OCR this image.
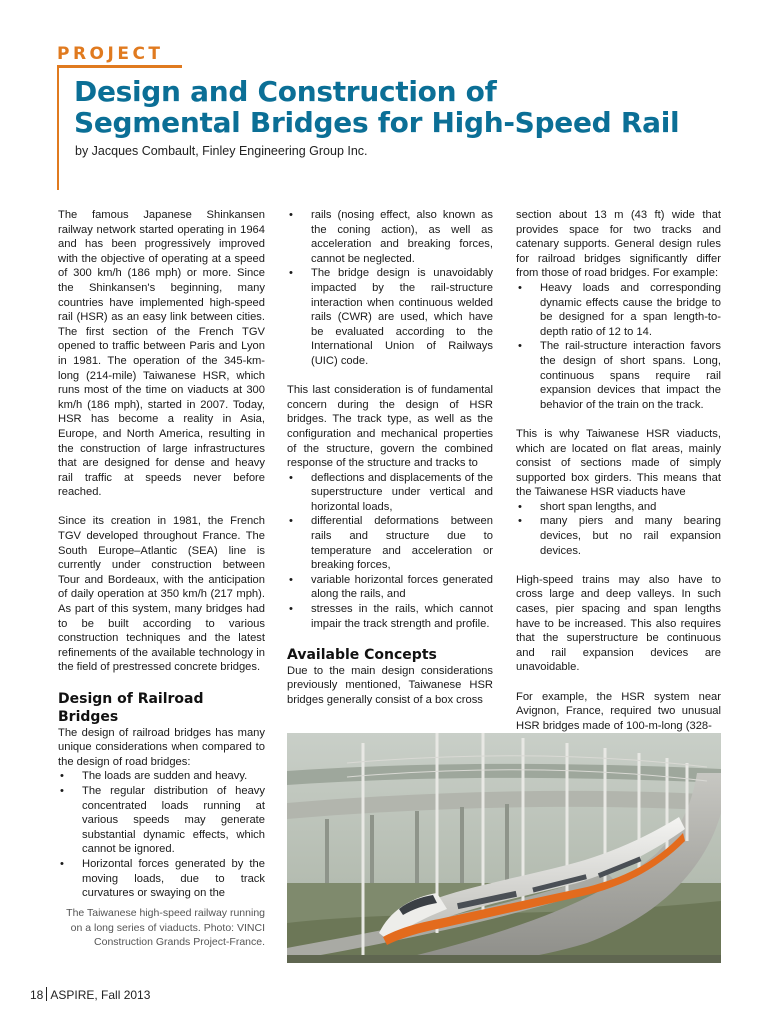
PROJECT
Design and Construction of
Segmental Bridges for High-Speed Rail
by Jacques Combault, Finley Engineering Group Inc.

The famous Japanese Shinkansen railway network started operating in 1964 and has been progressively improved with the objective of operating at a speed of 300 km/h (186 mph) or more. Since the Shinkansen's beginning, many countries have implemented high-speed rail (HSR) as an easy link between cities. The first section of the French TGV opened to traffic between Paris and Lyon in 1981. The operation of the 345-km-long (214-mile) Taiwanese HSR, which runs most of the time on viaducts at 300 km/h (186 mph), started in 2007. Today, HSR has become a reality in Asia, Europe, and North America, resulting in the construction of large infrastructures that are designed for dense and heavy rail traffic at speeds never before reached.

Since its creation in 1981, the French TGV developed throughout France. The South Europe–Atlantic (SEA) line is currently under construction between Tour and Bordeaux, with the anticipation of daily operation at 350 km/h (217 mph). As part of this system, many bridges had to be built according to various construction techniques and the latest refinements of the available technology in the field of prestressed concrete bridges.

Design of Railroad Bridges

The design of railroad bridges has many unique considerations when compared to the design of road bridges:

• The loads are sudden and heavy.
• The regular distribution of heavy concentrated loads running at various speeds may generate substantial dynamic effects, which cannot be ignored.
• Horizontal forces generated by the moving loads, due to track curvatures or swaying on the
The Taiwanese high-speed railway running on a long series of viaducts. Photo: VINCI Construction Grands Project-France.
• rails (nosing effect, also known as the coning action), as well as acceleration and breaking forces, cannot be neglected.
• The bridge design is unavoidably impacted by the rail-structure interaction when continuous welded rails (CWR) are used, which have be evaluated according to the International Union of Railways (UIC) code.

This last consideration is of fundamental concern during the design of HSR bridges. The track type, as well as the configuration and mechanical properties of the structure, govern the combined response of the structure and tracks to

• deflections and displacements of the superstructure under vertical and horizontal loads,
• differential deformations between rails and structure due to temperature and acceleration or breaking forces,
• variable horizontal forces generated along the rails, and
• stresses in the rails, which cannot impair the track strength and profile.
Available Concepts

Due to the main design considerations previously mentioned, Taiwanese HSR bridges generally consist of a box cross

section about 13 m (43 ft) wide that provides space for two tracks and catenary supports. General design rules for railroad bridges significantly differ from those of road bridges. For example:

• Heavy loads and corresponding dynamic effects cause the bridge to be designed for a span length-to-depth ratio of 12 to 14.
• The rail-structure interaction favors the design of short spans. Long, continuous spans require rail expansion devices that impact the behavior of the train on the track.

This is why Taiwanese HSR viaducts, which are located on flat areas, mainly consist of sections made of simply supported box girders. This means that the Taiwanese HSR viaducts have

• short span lengths, and
• many piers and many bearing devices, but no rail expansion devices.

High-speed trains may also have to cross large and deep valleys. In such cases, pier spacing and span lengths have to be increased. This also requires that the superstructure be continuous and rail expansion devices are unavoidable.

For example, the HSR system near Avignon, France, required two unusual HSR bridges made of 100-m-long (328-

18 ASPIRE, Fall 2013
